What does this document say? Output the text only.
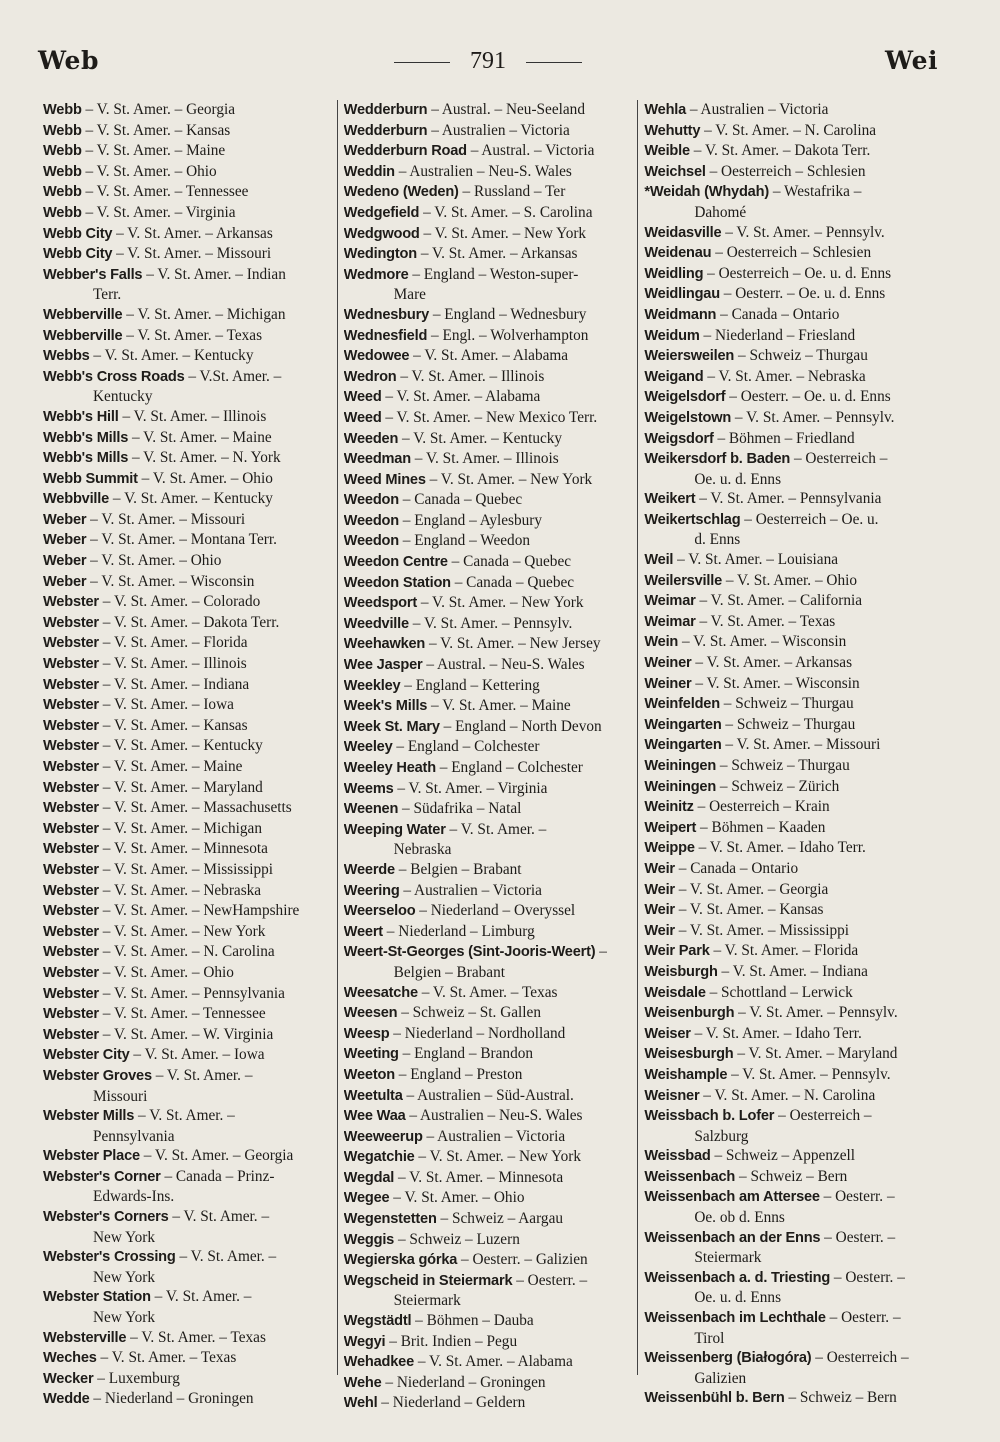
Web	791	Wei
Webb – V. St. Amer. – Georgia
Webb – V. St. Amer. – Kansas
Webb – V. St. Amer. – Maine
Webb – V. St. Amer. – Ohio
Webb – V. St. Amer. – Tennessee
Webb – V. St. Amer. – Virginia
Webb City – V. St. Amer. – Arkansas
Webb City – V. St. Amer. – Missouri
Webber's Falls – V. St. Amer. – Indian
Terr.
Webberville – V. St. Amer. – Michigan
Webberville – V. St. Amer. – Texas
Webbs – V. St. Amer. – Kentucky
Webb's Cross Roads – V.St. Amer. –
Kentucky
Webb's Hill – V. St. Amer. – Illinois
Webb's Mills – V. St. Amer. – Maine
Webb's Mills – V. St. Amer. – N. York
Webb Summit – V. St. Amer. – Ohio
Webbville – V. St. Amer. – Kentucky
Weber – V. St. Amer. – Missouri
Weber – V. St. Amer. – Montana Terr.
Weber – V. St. Amer. – Ohio
Weber – V. St. Amer. – Wisconsin
Webster – V. St. Amer. – Colorado
Webster – V. St. Amer. – Dakota Terr.
Webster – V. St. Amer. – Florida
Webster – V. St. Amer. – Illinois
Webster – V. St. Amer. – Indiana
Webster – V. St. Amer. – Iowa
Webster – V. St. Amer. – Kansas
Webster – V. St. Amer. – Kentucky
Webster – V. St. Amer. – Maine
Webster – V. St. Amer. – Maryland
Webster – V. St. Amer. – Massachusetts
Webster – V. St. Amer. – Michigan
Webster – V. St. Amer. – Minnesota
Webster – V. St. Amer. – Mississippi
Webster – V. St. Amer. – Nebraska
Webster – V. St. Amer. – NewHampshire
Webster – V. St. Amer. – New York
Webster – V. St. Amer. – N. Carolina
Webster – V. St. Amer. – Ohio
Webster – V. St. Amer. – Pennsylvania
Webster – V. St. Amer. – Tennessee
Webster – V. St. Amer. – W. Virginia
Webster City – V. St. Amer. – Iowa
Webster Groves – V. St. Amer. –
Missouri
Webster Mills – V. St. Amer. –
Pennsylvania
Webster Place – V. St. Amer. – Georgia
Webster's Corner – Canada – Prinz-
Edwards-Ins.
Webster's Corners – V. St. Amer. –
New York
Webster's Crossing – V. St. Amer. –
New York
Webster Station – V. St. Amer. –
New York
Websterville – V. St. Amer. – Texas
Weches – V. St. Amer. – Texas
Wecker – Luxemburg
Wedde – Niederland – Groningen
Wedderburn – Austral. – Neu-Seeland
Wedderburn – Australien – Victoria
Wedderburn Road – Austral. – Victoria
Weddin – Australien – Neu-S. Wales
Wedeno (Weden) – Russland – Ter
Wedgefield – V. St. Amer. – S. Carolina
Wedgwood – V. St. Amer. – New York
Wedington – V. St. Amer. – Arkansas
Wedmore – England – Weston-super-
Mare
Wednesbury – England – Wednesbury
Wednesfield – Engl. – Wolverhampton
Wedowee – V. St. Amer. – Alabama
Wedron – V. St. Amer. – Illinois
Weed – V. St. Amer. – Alabama
Weed – V. St. Amer. – New Mexico Terr.
Weeden – V. St. Amer. – Kentucky
Weedman – V. St. Amer. – Illinois
Weed Mines – V. St. Amer. – New York
Weedon – Canada – Quebec
Weedon – England – Aylesbury
Weedon – England – Weedon
Weedon Centre – Canada – Quebec
Weedon Station – Canada – Quebec
Weedsport – V. St. Amer. – New York
Weedville – V. St. Amer. – Pennsylv.
Weehawken – V. St. Amer. – New Jersey
Wee Jasper – Austral. – Neu-S. Wales
Weekley – England – Kettering
Week's Mills – V. St. Amer. – Maine
Week St. Mary – England – North Devon
Weeley – England – Colchester
Weeley Heath – England – Colchester
Weems – V. St. Amer. – Virginia
Weenen – Südafrika – Natal
Weeping Water – V. St. Amer. –
Nebraska
Weerde – Belgien – Brabant
Weering – Australien – Victoria
Weerseloo – Niederland – Overyssel
Weert – Niederland – Limburg
Weert-St-Georges (Sint-Jooris-Weert) –
Belgien – Brabant
Weesatche – V. St. Amer. – Texas
Weesen – Schweiz – St. Gallen
Weesp – Niederland – Nordholland
Weeting – England – Brandon
Weeton – England – Preston
Weetulta – Australien – Süd-Austral.
Wee Waa – Australien – Neu-S. Wales
Weeweerup – Australien – Victoria
Wegatchie – V. St. Amer. – New York
Wegdal – V. St. Amer. – Minnesota
Wegee – V. St. Amer. – Ohio
Wegenstetten – Schweiz – Aargau
Weggis – Schweiz – Luzern
Wegierska górka – Oesterr. – Galizien
Wegscheid in Steiermark – Oesterr. –
Steiermark
Wegstädtl – Böhmen – Dauba
Wegyi – Brit. Indien – Pegu
Wehadkee – V. St. Amer. – Alabama
Wehe – Niederland – Groningen
Wehl – Niederland – Geldern
Wehla – Australien – Victoria
Wehutty – V. St. Amer. – N. Carolina
Weible – V. St. Amer. – Dakota Terr.
Weichsel – Oesterreich – Schlesien
*Weidah (Whydah) – Westafrika –
Dahomé
Weidasville – V. St. Amer. – Pennsylv.
Weidenau – Oesterreich – Schlesien
Weidling – Oesterreich – Oe. u. d. Enns
Weidlingau – Oesterr. – Oe. u. d. Enns
Weidmann – Canada – Ontario
Weidum – Niederland – Friesland
Weiersweilen – Schweiz – Thurgau
Weigand – V. St. Amer. – Nebraska
Weigelsdorf – Oesterr. – Oe. u. d. Enns
Weigelstown – V. St. Amer. – Pennsylv.
Weigsdorf – Böhmen – Friedland
Weikersdorf b. Baden – Oesterreich –
Oe. u. d. Enns
Weikert – V. St. Amer. – Pennsylvania
Weikertschlag – Oesterreich – Oe. u.
d. Enns
Weil – V. St. Amer. – Louisiana
Weilersville – V. St. Amer. – Ohio
Weimar – V. St. Amer. – California
Weimar – V. St. Amer. – Texas
Wein – V. St. Amer. – Wisconsin
Weiner – V. St. Amer. – Arkansas
Weiner – V. St. Amer. – Wisconsin
Weinfelden – Schweiz – Thurgau
Weingarten – Schweiz – Thurgau
Weingarten – V. St. Amer. – Missouri
Weiningen – Schweiz – Thurgau
Weiningen – Schweiz – Zürich
Weinitz – Oesterreich – Krain
Weipert – Böhmen – Kaaden
Weippe – V. St. Amer. – Idaho Terr.
Weir – Canada – Ontario
Weir – V. St. Amer. – Georgia
Weir – V. St. Amer. – Kansas
Weir – V. St. Amer. – Mississippi
Weir Park – V. St. Amer. – Florida
Weisburgh – V. St. Amer. – Indiana
Weisdale – Schottland – Lerwick
Weisenburgh – V. St. Amer. – Pennsylv.
Weiser – V. St. Amer. – Idaho Terr.
Weisesburgh – V. St. Amer. – Maryland
Weishample – V. St. Amer. – Pennsylv.
Weisner – V. St. Amer. – N. Carolina
Weissbach b. Lofer – Oesterreich –
Salzburg
Weissbad – Schweiz – Appenzell
Weissenbach – Schweiz – Bern
Weissenbach am Attersee – Oesterr. –
Oe. ob d. Enns
Weissenbach an der Enns – Oesterr. –
Steiermark
Weissenbach a. d. Triesting – Oesterr. –
Oe. u. d. Enns
Weissenbach im Lechthale – Oesterr. –
Tirol
Weissenberg (Białogóra) – Oesterreich –
Galizien
Weissenbühl b. Bern – Schweiz – Bern
